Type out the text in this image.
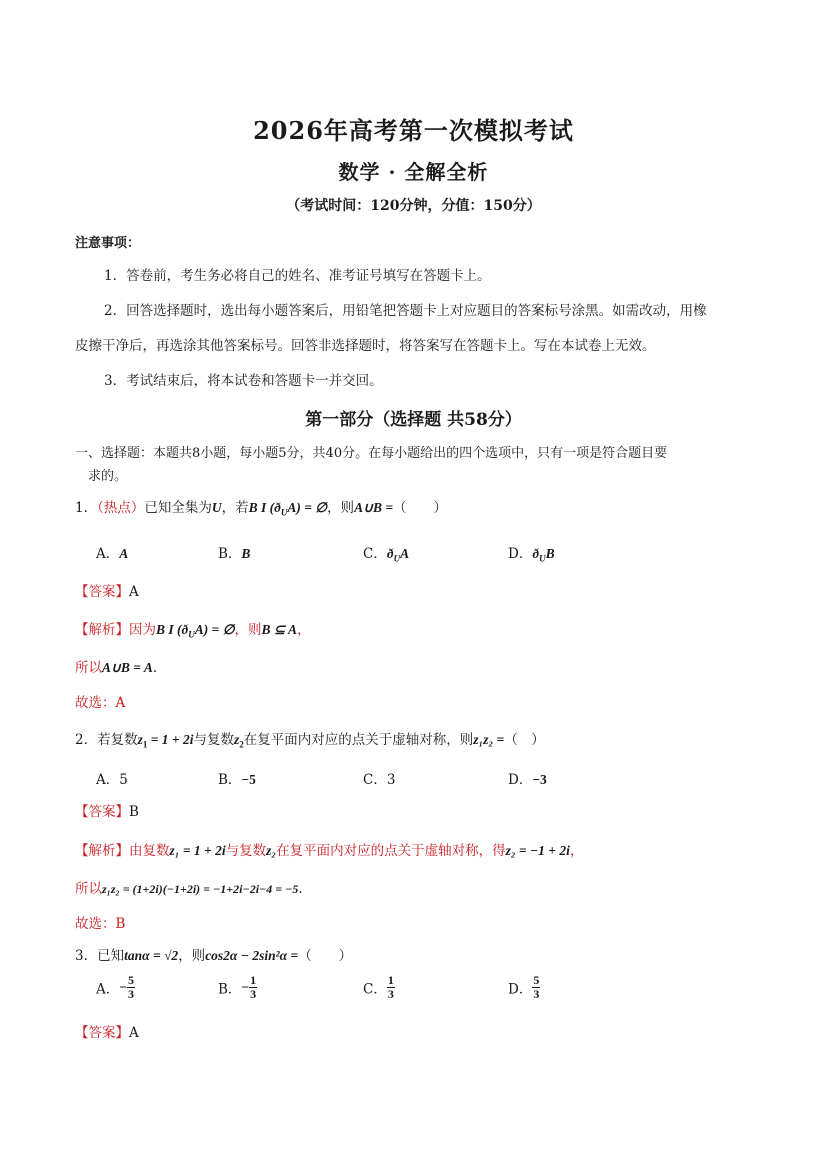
2026年高考第一次模拟考试
数学 · 全解全析
（考试时间：120分钟，分值：150分）
注意事项：
1．答卷前，考生务必将自己的姓名、准考证号填写在答题卡上。
2．回答选择题时，选出每小题答案后，用铅笔把答题卡上对应题目的答案标号涂黑。如需改动，用橡
皮擦干净后，再选涂其他答案标号。回答非选择题时，将答案写在答题卡上。写在本试卷上无效。
3．考试结束后，将本试卷和答题卡一并交回。
第一部分（选择题 共58分）
一、选择题：本题共8小题，每小题5分，共40分。在每小题给出的四个选项中，只有一项是符合题目要
求的。
1．（热点）已知全集为U，若B I $(ð_UA)$ = ∅，则A∪B =（　　）
A．A	B．B	C．$ð_UA$	D．$ð_UB$
【答案】A
【解析】因为B I $(ð_UA)$ = ∅，则B ⊆ A，
所以A∪B = A.
故选：A
2．若复数$z_1 = 1 + 2i$与复数$z_2$在复平面内对应的点关于虚轴对称，则z₁z₂ =（　）
A．5	B．−5	C．3	D．−3
【答案】B
【解析】由复数z₁ = 1 + 2i与复数z₂在复平面内对应的点关于虚轴对称，得z₂ = −1 + 2i，
所以z₁z₂ = (1+2i)(−1+2i) = −1+2i−2i−4 = −5.
故选：B
3．已知tanα = √2，则cos2α − 2sin²α =（　　）
A．− $\frac{5}{3}$	B．− $\frac{1}{3}$	C． $\frac{1}{3}$	D． $\frac{5}{3}$
【答案】A
